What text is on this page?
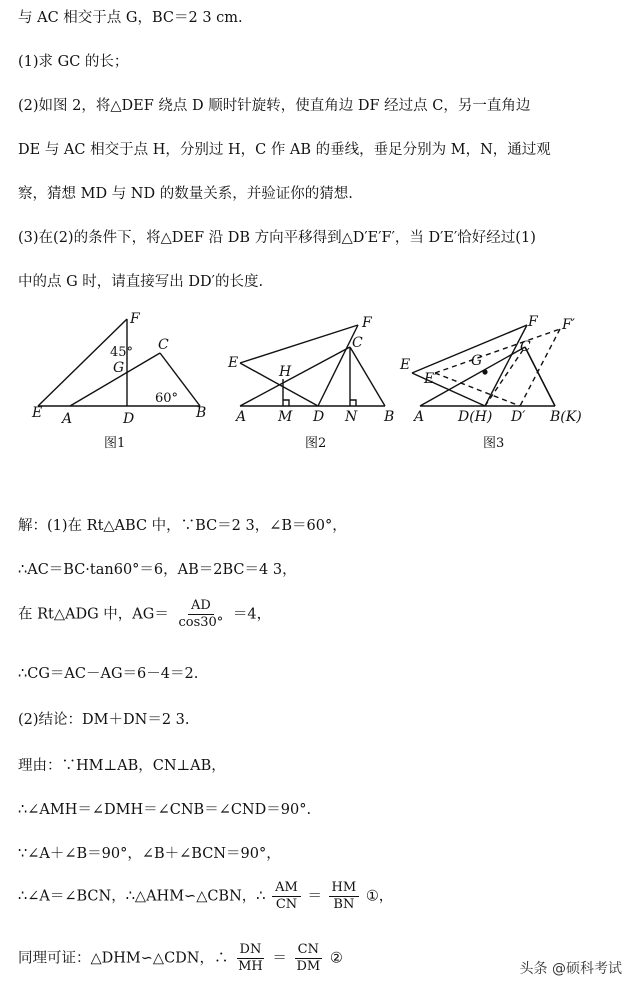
与 AC 相交于点 G，BC＝2 3 cm.
(1)求 GC 的长；
(2)如图 2，将△DEF 绕点 D 顺时针旋转，使直角边 DF 经过点 C，另一直角边
DE 与 AC 相交于点 H，分别过 H，C 作 AB 的垂线，垂足分别为 M，N，通过观
察，猜想 MD 与 ND 的数量关系，并验证你的猜想.
(3)在(2)的条件下，将△DEF 沿 DB 方向平移得到△D′E′F′，当 D′E′恰好经过(1)
中的点 G 时，请直接写出 DD′的长度.
F
C
G
E A	D	B
45°
60°
图1
F
C
E
H
A M D N B
图2
F F′
C
G
E
E′
A D(H) D′ B(K)
图3
解：(1)在 Rt△ABC 中，∵BC＝2 3，∠B＝60°，
∴AC＝BC·tan60°＝6，AB＝2BC＝4 3，
在 Rt△ADG 中，$AG= \frac{AD}{\cos 30^\circ} =4$，
∴CG＝AC－AG＝6－4＝2.
(2)结论：DM＋DN＝2 3.
理由：∵HM⊥AB，CN⊥AB，
∴∠AMH＝∠DMH＝∠CNB＝∠CND＝90°.
∵∠A＋∠B＝90°，∠B＋∠BCN＝90°，
∴∠A＝∠BCN，∴△AHM∽△CBN，∴ $\frac{AM}{CN} = \frac{HM}{BN}$ ①，
同理可证：△DHM∽△CDN，∴ $\frac{DN}{MH} = \frac{CN}{DM}$ ②
头条 @硕科考试
